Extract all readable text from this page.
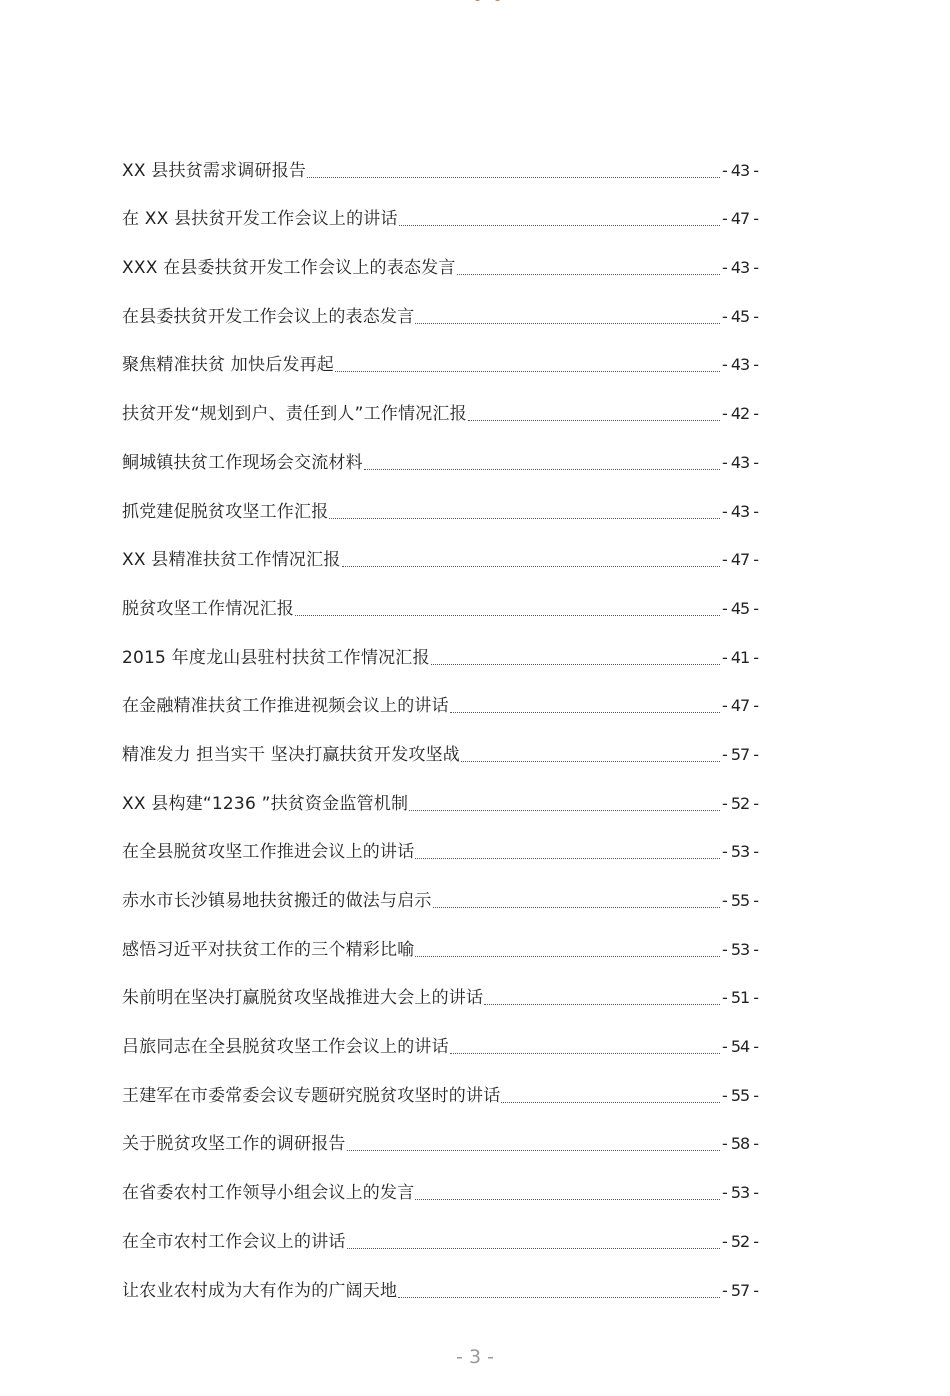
XX 县扶贫需求调研报告	- 43 -
在 XX 县扶贫开发工作会议上的讲话	- 47 -
XXX 在县委扶贫开发工作会议上的表态发言	- 43 -
在县委扶贫开发工作会议上的表态发言	- 45 -
聚焦精准扶贫 加快后发再起	- 43 -
扶贫开发“规划到户、责任到人”工作情况汇报	- 42 -
鲖城镇扶贫工作现场会交流材料	- 43 -
抓党建促脱贫攻坚工作汇报	- 43 -
XX 县精准扶贫工作情况汇报	- 47 -
脱贫攻坚工作情况汇报	- 45 -
2015 年度龙山县驻村扶贫工作情况汇报	- 41 -
在金融精准扶贫工作推进视频会议上的讲话	- 47 -
精准发力 担当实干 坚决打赢扶贫开发攻坚战	- 57 -
XX 县构建“1236 ”扶贫资金监管机制	- 52 -
在全县脱贫攻坚工作推进会议上的讲话	- 53 -
赤水市长沙镇易地扶贫搬迁的做法与启示	- 55 -
感悟习近平对扶贫工作的三个精彩比喻	- 53 -
朱前明在坚决打赢脱贫攻坚战推进大会上的讲话	- 51 -
吕旅同志在全县脱贫攻坚工作会议上的讲话	- 54 -
王建军在市委常委会议专题研究脱贫攻坚时的讲话	- 55 -
关于脱贫攻坚工作的调研报告	- 58 -
在省委农村工作领导小组会议上的发言	- 53 -
在全市农村工作会议上的讲话	- 52 -
让农业农村成为大有作为的广阔天地	- 57 -
- 3 -
